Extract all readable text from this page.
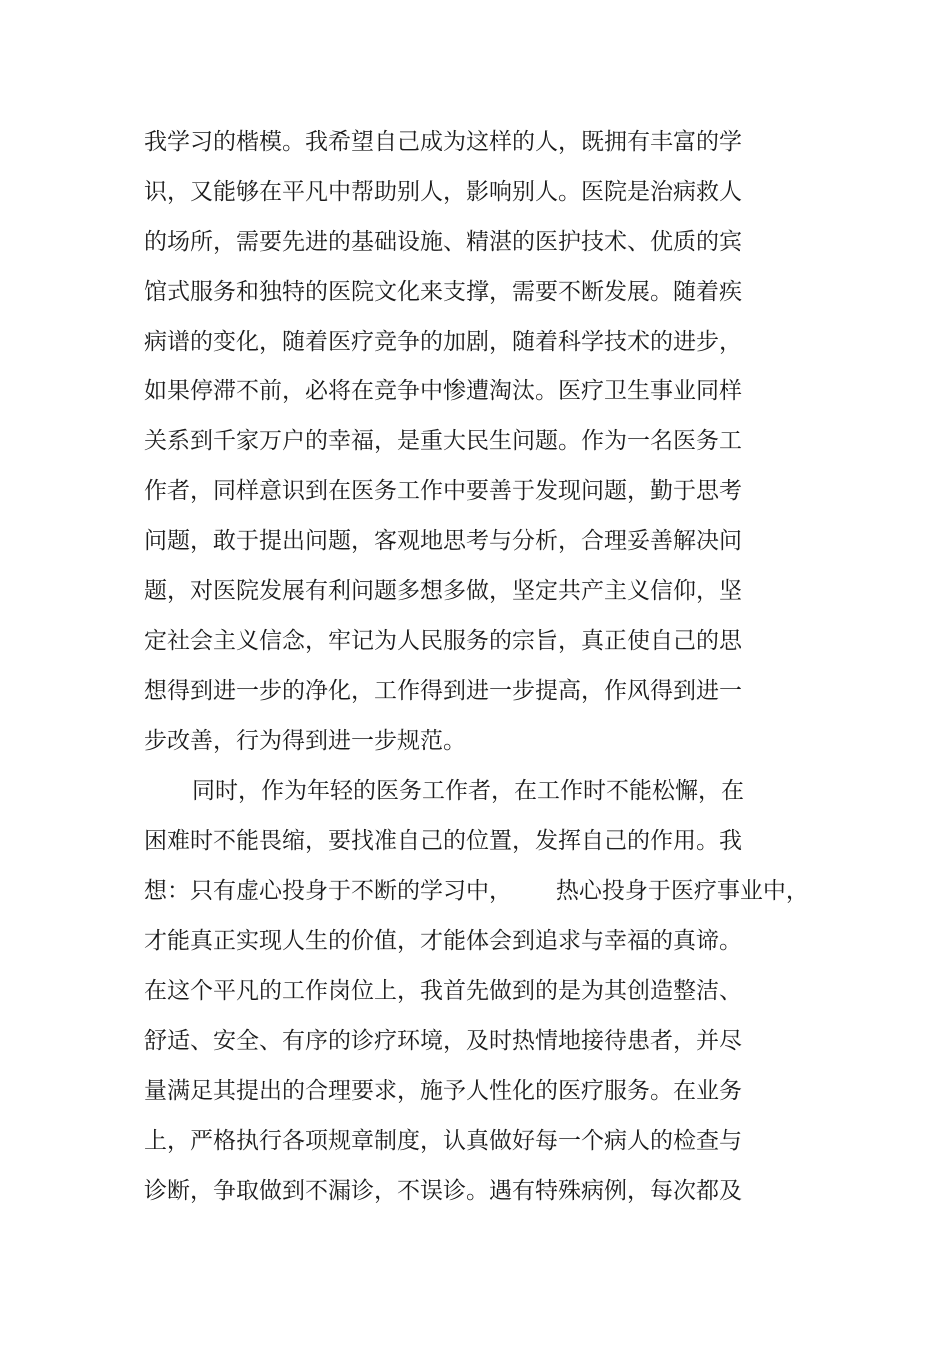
我学习的楷模。我希望自己成为这样的人，既拥有丰富的学
识，又能够在平凡中帮助别人，影响别人。医院是治病救人
的场所，需要先进的基础设施、精湛的医护技术、优质的宾
馆式服务和独特的医院文化来支撑，需要不断发展。随着疾
病谱的变化，随着医疗竞争的加剧，随着科学技术的进步，
如果停滞不前，必将在竞争中惨遭淘汰。医疗卫生事业同样
关系到千家万户的幸福，是重大民生问题。作为一名医务工
作者，同样意识到在医务工作中要善于发现问题，勤于思考
问题，敢于提出问题，客观地思考与分析，合理妥善解决问
题，对医院发展有利问题多想多做，坚定共产主义信仰，坚
定社会主义信念，牢记为人民服务的宗旨，真正使自己的思
想得到进一步的净化，工作得到进一步提高，作风得到进一
步改善，行为得到进一步规范。
同时，作为年轻的医务工作者，在工作时不能松懈，在
困难时不能畏缩，要找准自己的位置，发挥自己的作用。我
想：只有虚心投身于不断的学习中，      热心投身于医疗事业中，
才能真正实现人生的价值，才能体会到追求与幸福的真谛。
在这个平凡的工作岗位上，我首先做到的是为其创造整洁、
舒适、安全、有序的诊疗环境，及时热情地接待患者，并尽
量满足其提出的合理要求，施予人性化的医疗服务。在业务
上，严格执行各项规章制度，认真做好每一个病人的检查与
诊断，争取做到不漏诊，不误诊。遇有特殊病例，每次都及
